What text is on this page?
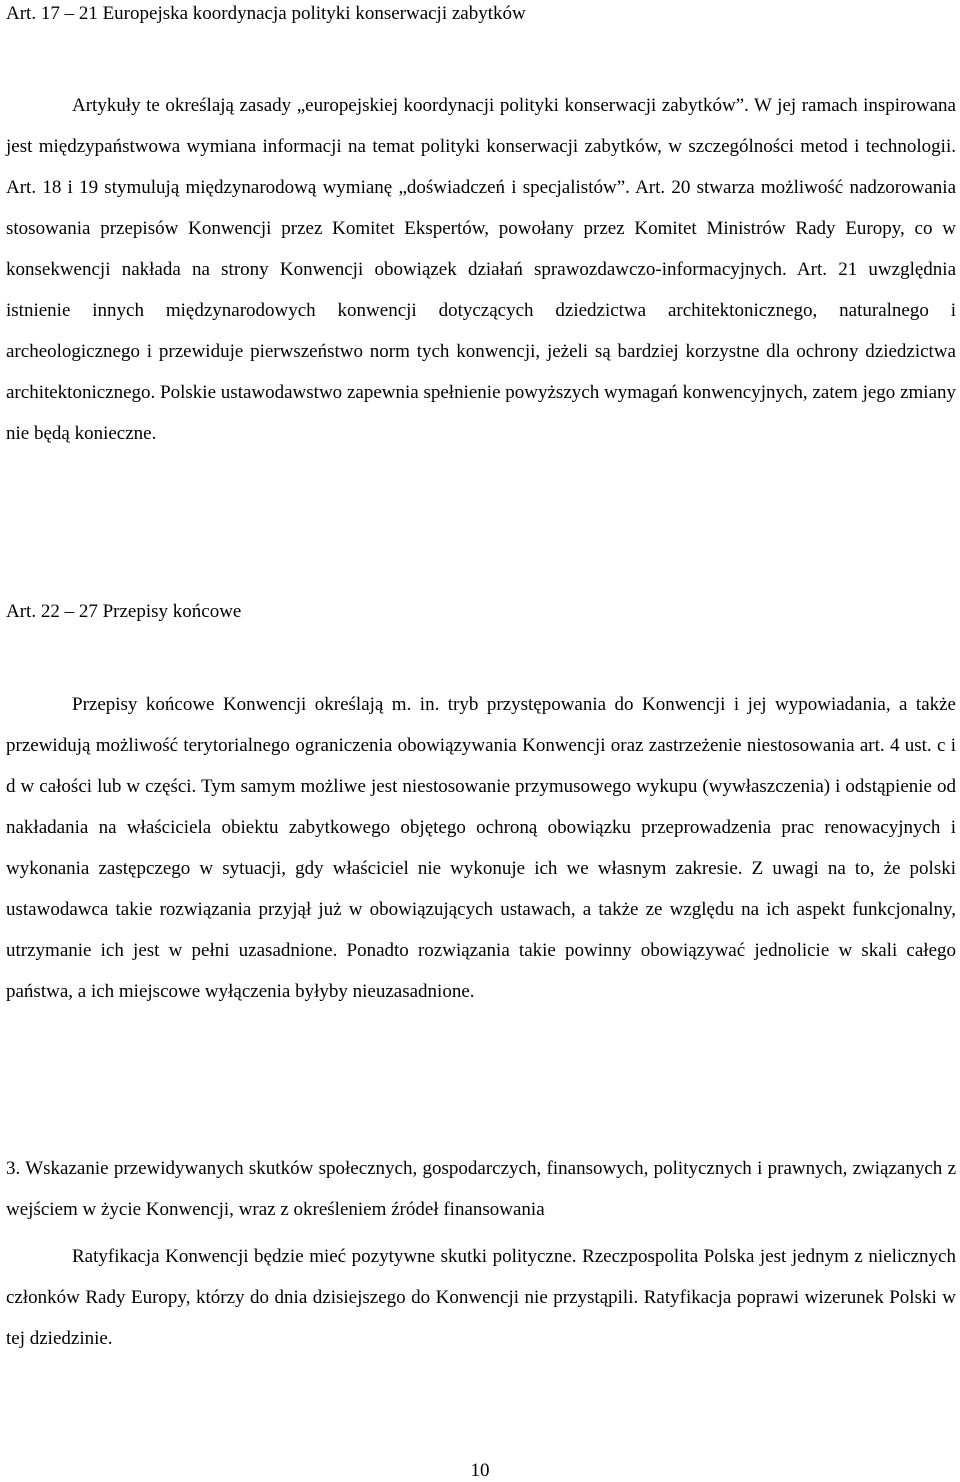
Art. 17 – 21 Europejska koordynacja polityki konserwacji zabytków

Artykuły te określają zasady „europejskiej koordynacji polityki konserwacji zabytków”. W jej ramach inspirowana jest międzypaństwowa wymiana informacji na temat polityki konserwacji zabytków, w szczególności metod i technologii. Art. 18 i 19 stymulują międzynarodową wymianę „doświadczeń i specjalistów”. Art. 20 stwarza możliwość nadzorowania stosowania przepisów Konwencji przez Komitet Ekspertów, powołany przez Komitet Ministrów Rady Europy, co w konsekwencji nakłada na strony Konwencji obowiązek działań sprawozdawczo-informacyjnych. Art. 21 uwzględnia istnienie innych międzynarodowych konwencji dotyczących dziedzictwa architektonicznego, naturalnego i archeologicznego i przewiduje pierwszeństwo norm tych konwencji, jeżeli są bardziej korzystne dla ochrony dziedzictwa architektonicznego. Polskie ustawodawstwo zapewnia spełnienie powyższych wymagań konwencyjnych, zatem jego zmiany nie będą konieczne.

Art. 22 – 27 Przepisy końcowe

Przepisy końcowe Konwencji określają m. in. tryb przystępowania do Konwencji i jej wypowiadania, a także przewidują możliwość terytorialnego ograniczenia obowiązywania Konwencji oraz zastrzeżenie niestosowania art. 4 ust. c i d w całości lub w części. Tym samym możliwe jest niestosowanie przymusowego wykupu (wywłaszczenia) i odstąpienie od nakładania na właściciela obiektu zabytkowego objętego ochroną obowiązku przeprowadzenia prac renowacyjnych i wykonania zastępczego w sytuacji, gdy właściciel nie wykonuje ich we własnym zakresie. Z uwagi na to, że polski ustawodawca takie rozwiązania przyjął już w obowiązujących ustawach, a także ze względu na ich aspekt funkcjonalny, utrzymanie ich jest w pełni uzasadnione. Ponadto rozwiązania takie powinny obowiązywać jednolicie w skali całego państwa, a ich miejscowe wyłączenia byłyby nieuzasadnione.

3. Wskazanie przewidywanych skutków społecznych, gospodarczych, finansowych, politycznych i prawnych, związanych z wejściem w życie Konwencji, wraz z określeniem źródeł finansowania

Ratyfikacja Konwencji będzie mieć pozytywne skutki polityczne. Rzeczpospolita Polska jest jednym z nielicznych członków Rady Europy, którzy do dnia dzisiejszego do Konwencji nie przystąpili. Ratyfikacja poprawi wizerunek Polski w tej dziedzinie.

10
